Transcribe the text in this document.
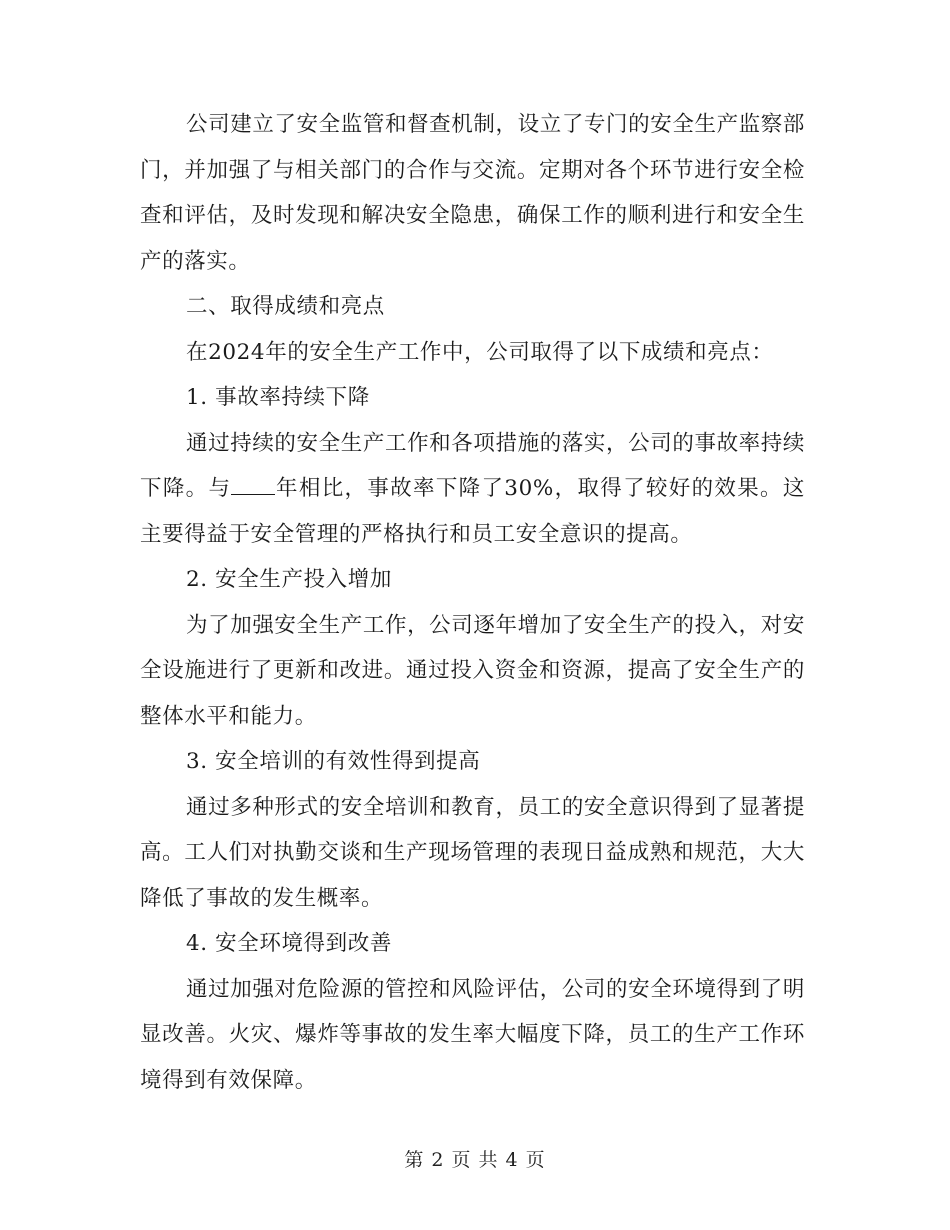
公司建立了安全监管和督查机制，设立了专门的安全生产监察部门，并加强了与相关部门的合作与交流。定期对各个环节进行安全检查和评估，及时发现和解决安全隐患，确保工作的顺利进行和安全生产的落实。

二、取得成绩和亮点

在2024年的安全生产工作中，公司取得了以下成绩和亮点：

1. 事故率持续下降

通过持续的安全生产工作和各项措施的落实，公司的事故率持续下降。与 年相比，事故率下降了30%，取得了较好的效果。这主要得益于安全管理的严格执行和员工安全意识的提高。

2. 安全生产投入增加

为了加强安全生产工作，公司逐年增加了安全生产的投入，对安全设施进行了更新和改进。通过投入资金和资源，提高了安全生产的整体水平和能力。

3. 安全培训的有效性得到提高

通过多种形式的安全培训和教育，员工的安全意识得到了显著提高。工人们对执勤交谈和生产现场管理的表现日益成熟和规范，大大降低了事故的发生概率。

4. 安全环境得到改善

通过加强对危险源的管控和风险评估，公司的安全环境得到了明显改善。火灾、爆炸等事故的发生率大幅度下降，员工的生产工作环境得到有效保障。

第 2 页 共 4 页
